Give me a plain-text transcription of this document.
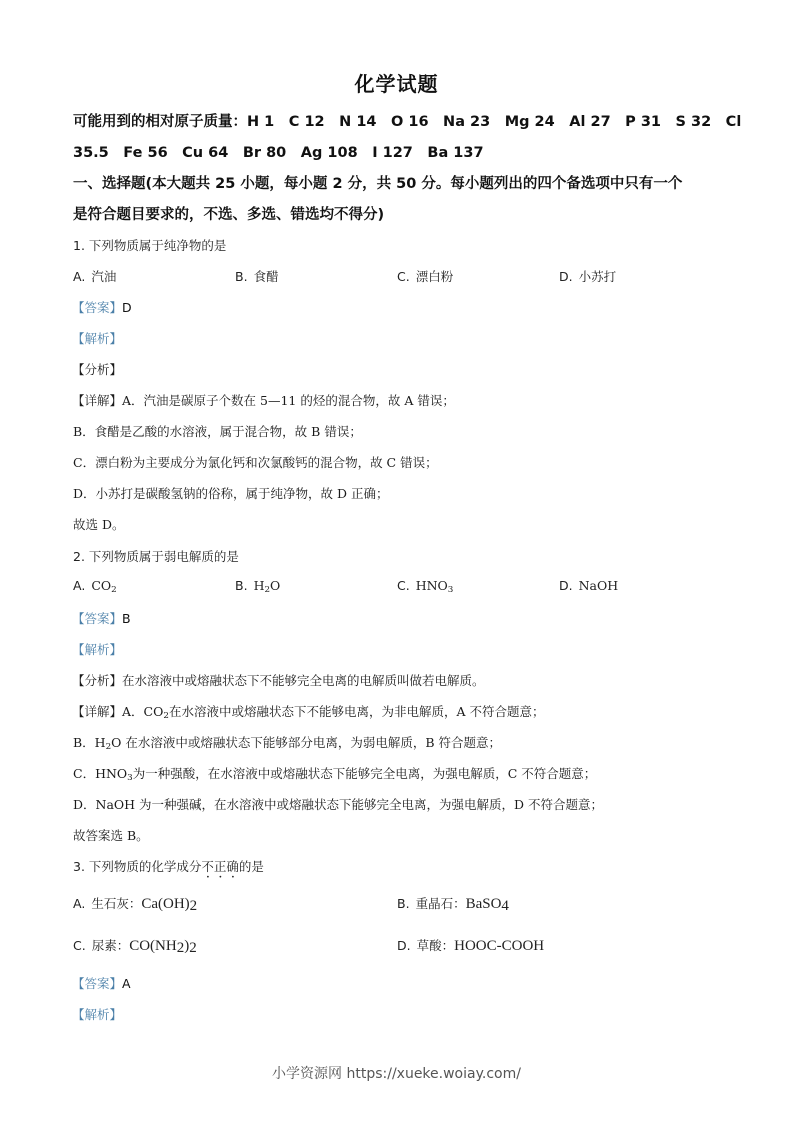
化学试题
可能用到的相对原子质量：H 1　C 12　N 14　O 16　Na 23　Mg 24　Al 27　P 31　S 32　Cl
35.5　Fe 56　Cu 64　Br 80　Ag 108　I 127　Ba 137
一、选择题(本大题共 25 小题，每小题 2 分，共 50 分。每小题列出的四个备选项中只有一个
是符合题目要求的，不选、多选、错选均不得分)
1. 下列物质属于纯净物的是
A. 汽油	B. 食醋	C. 漂白粉	D. 小苏打
【答案】D
【解析】
【分析】
【详解】A．汽油是碳原子个数在 5—11 的烃的混合物，故 A 错误；
B．食醋是乙酸的水溶液，属于混合物，故 B 错误；
C．漂白粉为主要成分为氯化钙和次氯酸钙的混合物，故 C 错误；
D．小苏打是碳酸氢钠的俗称，属于纯净物，故 D 正确；
故选 D。
2. 下列物质属于弱电解质的是
A. $CO_2$	B. $H_2O$	C. $HNO_3$	D. NaOH
【答案】B
【解析】
【分析】在水溶液中或熔融状态下不能够完全电离的电解质叫做若电解质。
【详解】A．$CO_2$在水溶液中或熔融状态下不能够电离，为非电解质，A 不符合题意；
B．$H_2O$ 在水溶液中或熔融状态下能够部分电离，为弱电解质，B 符合题意；
C．$HNO_3$为一种强酸，在水溶液中或熔融状态下能够完全电离，为强电解质，C 不符合题意；
D．NaOH 为一种强碱，在水溶液中或熔融状态下能够完全电离，为强电解质，D 不符合题意；
故答案选 B。
3. 下列物质的化学成分不正确的是
A. 生石灰：$Ca(OH)_2$	B. 重晶石：BaSO$_4$
C. 尿素：$CO(NH_2)_2$	D. 草酸：HOOC-COOH
【答案】A
【解析】
小学资源网 https://xueke.woiay.com/
